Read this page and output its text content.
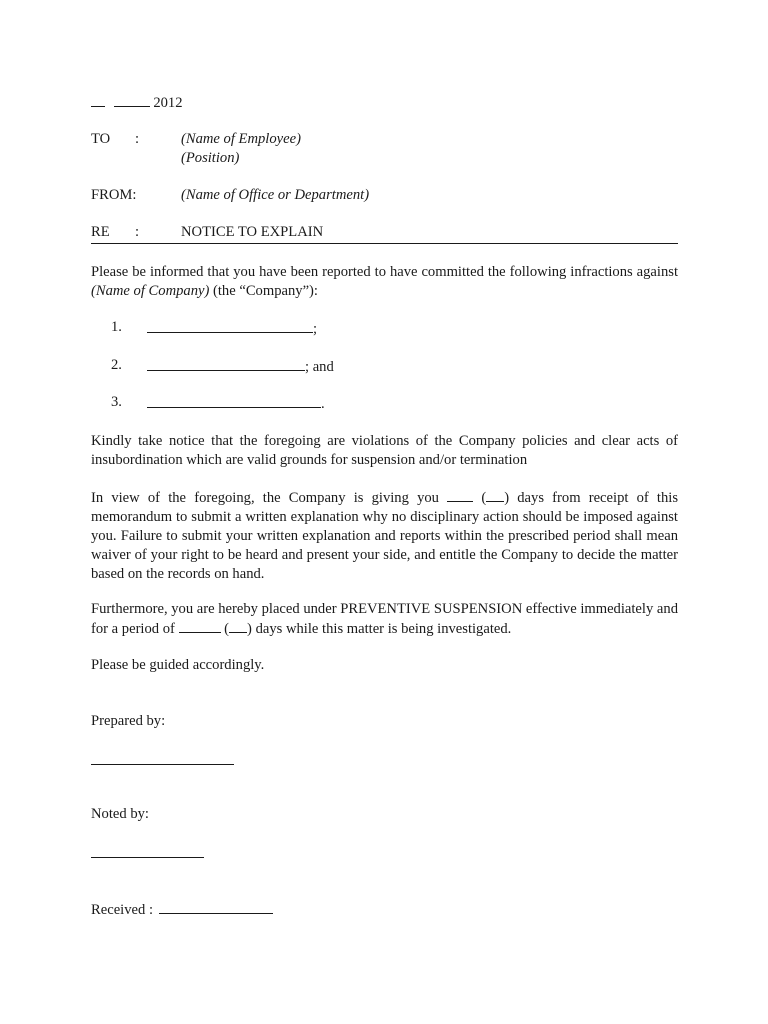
2012
TO :	(Name of Employee)
(Position)
FROM:	(Name of Office or Department)
RE :	NOTICE TO EXPLAIN
Please be informed that you have been reported to have committed the following infractions against (Name of Company) (the “Company”):
1.	;
2.	; and
3.	.
Kindly take notice that the foregoing are violations of the Company policies and clear acts of insubordination which are valid grounds for suspension and/or termination
In view of the foregoing, the Company is giving you  ( ) days from receipt of this memorandum to submit a written explanation why no disciplinary action should be imposed against you. Failure to submit your written explanation and reports within the prescribed period shall mean waiver of your right to be heard and present your side, and entitle the Company to decide the matter based on the records on hand.
Furthermore, you are hereby placed under PREVENTIVE SUSPENSION effective immediately and for a period of	( ) days while this matter is being investigated.
Please be guided accordingly.
Prepared by:
Noted by:
Received :
